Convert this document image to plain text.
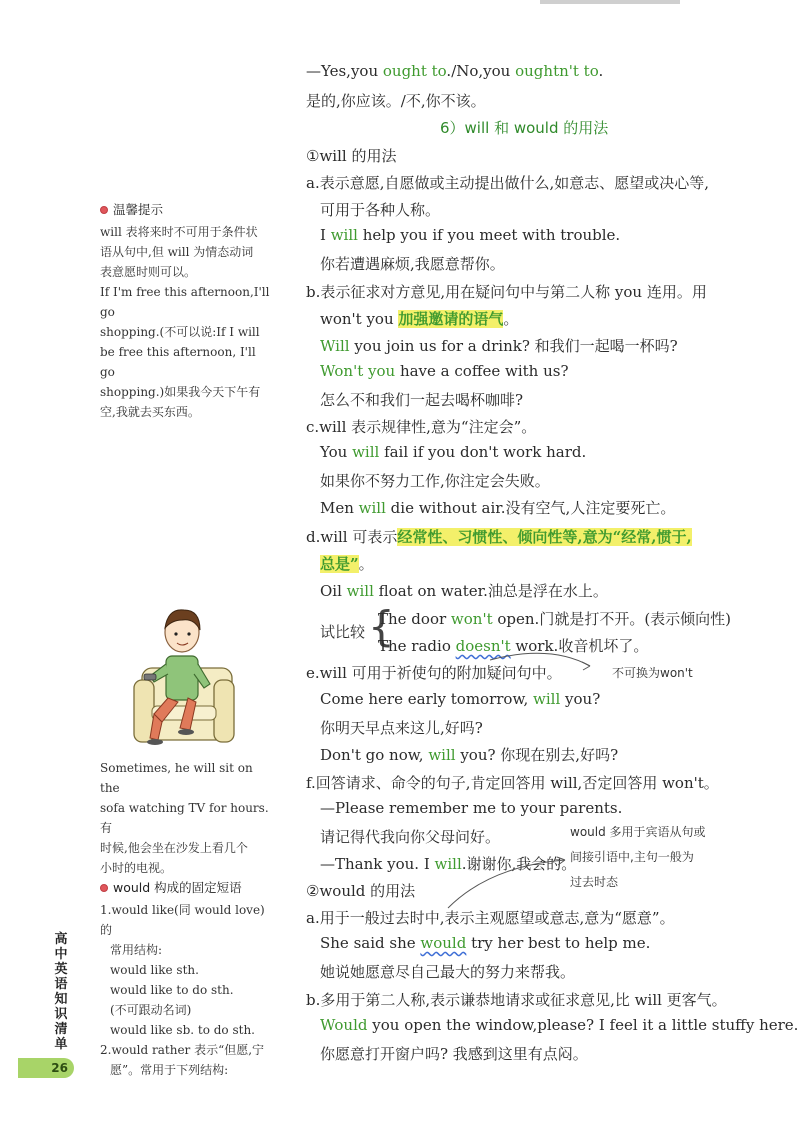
—Yes,you ought to./No,you oughtn't to.
是的,你应该。/不,你不该。
6）will 和 would 的用法
①will 的用法
a.表示意愿,自愿做或主动提出做什么,如意志、愿望或决心等,
可用于各种人称。
I will help you if you meet with trouble.
你若遭遇麻烦,我愿意帮你。
b.表示征求对方意见,用在疑问句中与第二人称 you 连用。用
won't you 加强邀请的语气。
Will you join us for a drink? 和我们一起喝一杯吗?
Won't you have a coffee with us?
怎么不和我们一起去喝杯咖啡?
c.will 表示规律性,意为“注定会”。
You will fail if you don't work hard.
如果你不努力工作,你注定会失败。
Men will die without air.没有空气,人注定要死亡。
d.will 可表示经常性、习惯性、倾向性等,意为“经常,惯于,
总是”。
Oil will float on water.油总是浮在水上。
试比较 {
The door won't open.门就是打不开。(表示倾向性)
The radio doesn't work.收音机坏了。
e.will 可用于祈使句的附加疑问句中。	不可换为won't
Come here early tomorrow, will you?
你明天早点来这儿,好吗?
Don't go now, will you? 你现在别去,好吗?
f.回答请求、命令的句子,肯定回答用 will,否定回答用 won't。
—Please remember me to your parents.
请记得代我向你父母问好。
—Thank you. I will.谢谢你,我会的。
would 多用于宾语从句或
间接引语中,主句一般为
过去时态
②would 的用法
a.用于一般过去时中,表示主观愿望或意志,意为“愿意”。
She said she would try her best to help me.
她说她愿意尽自己最大的努力来帮我。
b.多用于第二人称,表示谦恭地请求或征求意见,比 will 更客气。
Would you open the window,please? I feel it a little stuffy here.
你愿意打开窗户吗? 我感到这里有点闷。
温馨提示
will 表将来时不可用于条件状
语从句中,但 will 为情态动词
表意愿时则可以。
If I'm free this afternoon,I'll go
shopping.(不可以说:If I will
be free this afternoon, I'll go
shopping.)如果我今天下午有
空,我就去买东西。
Sometimes, he will sit on the
sofa watching TV for hours.有
时候,他会坐在沙发上看几个
小时的电视。
would 构成的固定短语
1.would like(同 would love)的
常用结构:
would like sth.
would like to do sth.
(不可跟动名词)
would like sb. to do sth.
2.would rather 表示“但愿,宁
愿”。常用于下列结构:
高
中
英
语
知
识
清
单
26
